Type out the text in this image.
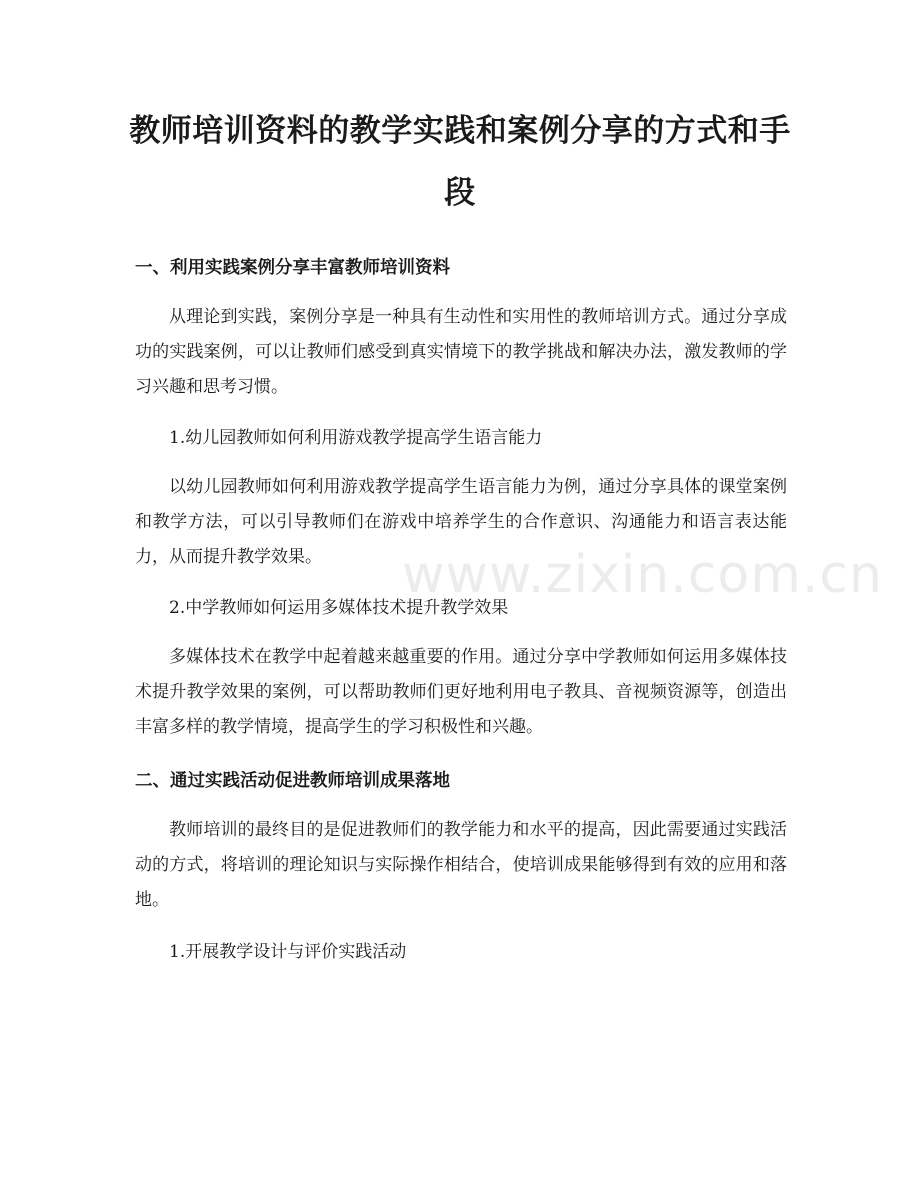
教师培训资料的教学实践和案例分享的方式和手段
一、利用实践案例分享丰富教师培训资料

从理论到实践，案例分享是一种具有生动性和实用性的教师培训方式。通过分享成功的实践案例，可以让教师们感受到真实情境下的教学挑战和解决办法，激发教师的学习兴趣和思考习惯。

1.幼儿园教师如何利用游戏教学提高学生语言能力

以幼儿园教师如何利用游戏教学提高学生语言能力为例，通过分享具体的课堂案例和教学方法，可以引导教师们在游戏中培养学生的合作意识、沟通能力和语言表达能力，从而提升教学效果。

2.中学教师如何运用多媒体技术提升教学效果

多媒体技术在教学中起着越来越重要的作用。通过分享中学教师如何运用多媒体技术提升教学效果的案例，可以帮助教师们更好地利用电子教具、音视频资源等，创造出丰富多样的教学情境，提高学生的学习积极性和兴趣。

二、通过实践活动促进教师培训成果落地

教师培训的最终目的是促进教师们的教学能力和水平的提高，因此需要通过实践活动的方式，将培训的理论知识与实际操作相结合，使培训成果能够得到有效的应用和落地。

1.开展教学设计与评价实践活动

www.zixin.com.cn
